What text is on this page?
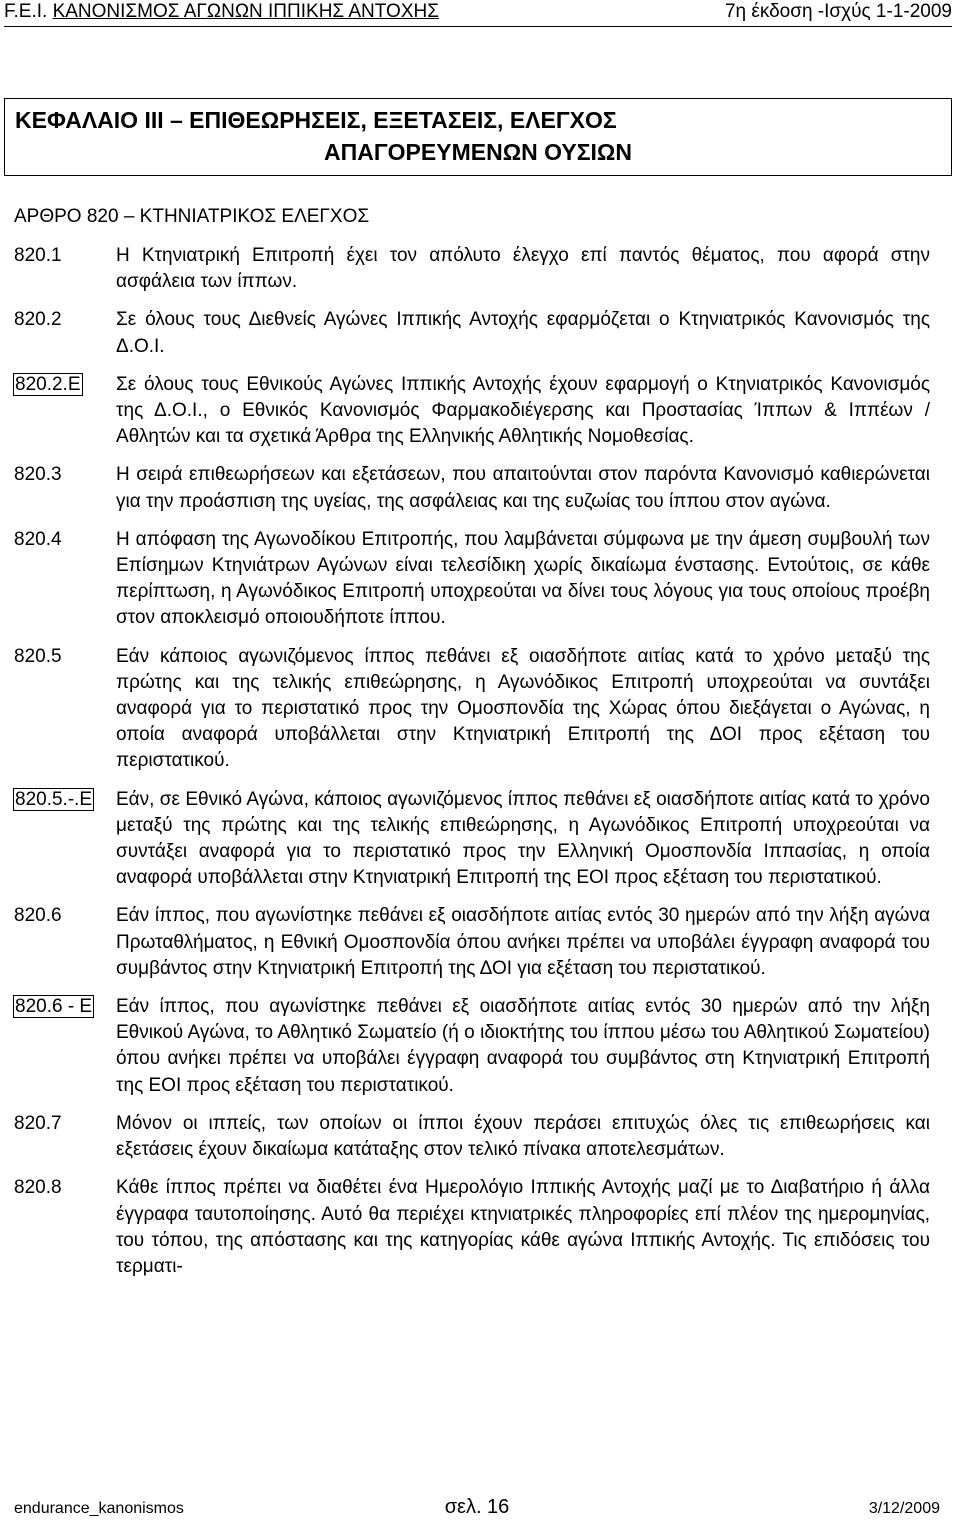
F.E.I. ΚΑΝΟΝΙΣΜΟΣ ΑΓΩΝΩΝ ΙΠΠΙΚΗΣ ΑΝΤΟΧΗΣ	7η έκδοση -Ισχύς 1-1-2009
ΚΕΦΑΛΑΙΟ ΙΙΙ – ΕΠΙΘΕΩΡΗΣΕΙΣ, ΕΞΕΤΑΣΕΙΣ, ΕΛΕΓΧΟΣ
ΑΠΑΓΟΡΕΥΜΕΝΩΝ ΟΥΣΙΩΝ
ΑΡΘΡΟ 820 – ΚΤΗΝΙΑΤΡΙΚΟΣ ΕΛΕΓΧΟΣ
820.1	Η Κτηνιατρική Επιτροπή έχει τον απόλυτο έλεγχο επί παντός θέματος, που αφορά στην ασφάλεια των ίππων.
820.2	Σε όλους τους Διεθνείς Αγώνες Ιππικής Αντοχής εφαρμόζεται ο Κτηνιατρικός Κανονισμός της Δ.Ο.Ι.
820.2.Ε	Σε όλους τους Εθνικούς Αγώνες Ιππικής Αντοχής έχουν εφαρμογή ο Κτηνιατρικός Κανονισμός της Δ.Ο.Ι., ο Εθνικός Κανονισμός Φαρμακοδιέγερσης και Προστασίας Ίππων & Ιππέων / Αθλητών και τα σχετικά Άρθρα της Ελληνικής Αθλητικής Νομοθεσίας.
820.3	Η σειρά επιθεωρήσεων και εξετάσεων, που απαιτούνται στον παρόντα Κανονισμό καθιερώνεται για την προάσπιση της υγείας, της ασφάλειας και της ευζωίας του ίππου στον αγώνα.
820.4	Η απόφαση της Αγωνοδίκου Επιτροπής, που λαμβάνεται σύμφωνα με την άμεση συμβουλή των Επίσημων Κτηνιάτρων Αγώνων είναι τελεσίδικη χωρίς δικαίωμα ένστασης. Εντούτοις, σε κάθε περίπτωση, η Αγωνόδικος Επιτροπή υποχρεούται να δίνει τους λόγους για τους οποίους προέβη στον αποκλεισμό οποιουδήποτε ίππου.
820.5	Εάν κάποιος αγωνιζόμενος ίππος πεθάνει εξ οιασδήποτε αιτίας κατά το χρόνο μεταξύ της πρώτης και της τελικής επιθεώρησης, η Αγωνόδικος Επιτροπή υποχρεούται να συντάξει αναφορά για το περιστατικό προς την Ομοσπονδία της Χώρας όπου διεξάγεται ο Αγώνας, η οποία αναφορά υποβάλλεται στην Κτηνιατρική Επιτροπή της ΔΟΙ προς εξέταση του περιστατικού.
820.5.-.Ε	Εάν, σε Εθνικό Αγώνα, κάποιος αγωνιζόμενος ίππος πεθάνει εξ οιασδήποτε αιτίας κατά το χρόνο μεταξύ της πρώτης και της τελικής επιθεώρησης, η Αγωνόδικος Επιτροπή υποχρεούται να συντάξει αναφορά για το περιστατικό προς την Ελληνική Ομοσπονδία Ιππασίας, η οποία αναφορά υποβάλλεται στην Κτηνιατρική Επιτροπή της ΕΟΙ προς εξέταση του περιστατικού.
820.6	Εάν ίππος, που αγωνίστηκε πεθάνει εξ οιασδήποτε αιτίας εντός 30 ημερών από την λήξη αγώνα Πρωταθλήματος, η Εθνική Ομοσπονδία όπου ανήκει πρέπει να υποβάλει έγγραφη αναφορά του συμβάντος στην Κτηνιατρική Επιτροπή της ΔΟΙ για εξέταση του περιστατικού.
820.6 - Ε	Εάν ίππος, που αγωνίστηκε πεθάνει εξ οιασδήποτε αιτίας εντός 30 ημερών από την λήξη Εθνικού Αγώνα, το Αθλητικό Σωματείο (ή ο ιδιοκτήτης του ίππου μέσω του Αθλητικού Σωματείου) όπου ανήκει πρέπει να υποβάλει έγγραφη αναφορά του συμβάντος στη Κτηνιατρική Επιτροπή της ΕΟΙ προς εξέταση του περιστατικού.
820.7	Μόνον οι ιππείς, των οποίων οι ίπποι έχουν περάσει επιτυχώς όλες τις επιθεωρήσεις και εξετάσεις έχουν δικαίωμα κατάταξης στον τελικό πίνακα αποτελεσμάτων.
820.8	Κάθε ίππος πρέπει να διαθέτει ένα Ημερολόγιο Ιππικής Αντοχής μαζί με το Διαβατήριο ή άλλα έγγραφα ταυτοποίησης. Αυτό θα περιέχει κτηνιατρικές πληροφορίες επί πλέον της ημερομηνίας, του τόπου, της απόστασης και της κατηγορίας κάθε αγώνα Ιππικής Αντοχής. Τις επιδόσεις του τερματι-
endurance_kanonismos	σελ. 16	3/12/2009
